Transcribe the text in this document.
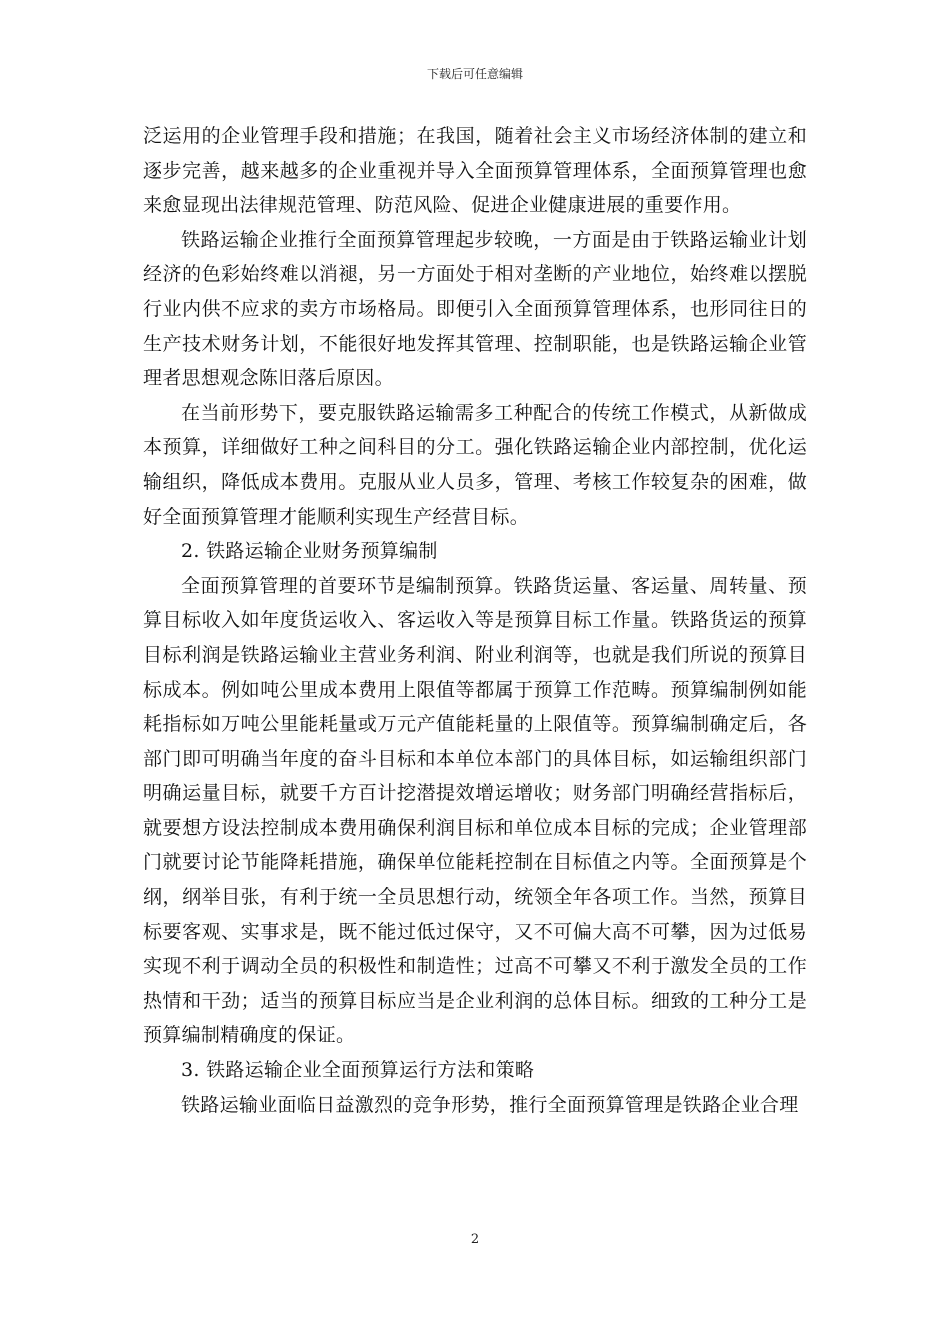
下载后可任意编辑

泛运用的企业管理手段和措施；在我国，随着社会主义市场经济体制的建立和逐步完善，越来越多的企业重视并导入全面预算管理体系，全面预算管理也愈来愈显现出法律规范管理、防范风险、促进企业健康进展的重要作用。

铁路运输企业推行全面预算管理起步较晚，一方面是由于铁路运输业计划经济的色彩始终难以消褪，另一方面处于相对垄断的产业地位，始终难以摆脱行业内供不应求的卖方市场格局。即便引入全面预算管理体系，也形同往日的生产技术财务计划，不能很好地发挥其管理、控制职能，也是铁路运输企业管理者思想观念陈旧落后原因。

在当前形势下，要克服铁路运输需多工种配合的传统工作模式，从新做成本预算，详细做好工种之间科目的分工。强化铁路运输企业内部控制，优化运输组织，降低成本费用。克服从业人员多，管理、考核工作较复杂的困难，做好全面预算管理才能顺利实现生产经营目标。

2. 铁路运输企业财务预算编制

全面预算管理的首要环节是编制预算。铁路货运量、客运量、周转量、预算目标收入如年度货运收入、客运收入等是预算目标工作量。铁路货运的预算目标利润是铁路运输业主营业务利润、附业利润等，也就是我们所说的预算目标成本。例如吨公里成本费用上限值等都属于预算工作范畴。预算编制例如能耗指标如万吨公里能耗量或万元产值能耗量的上限值等。预算编制确定后，各部门即可明确当年度的奋斗目标和本单位本部门的具体目标，如运输组织部门明确运量目标，就要千方百计挖潜提效增运增收；财务部门明确经营指标后，就要想方设法控制成本费用确保利润目标和单位成本目标的完成；企业管理部门就要讨论节能降耗措施，确保单位能耗控制在目标值之内等。全面预算是个纲，纲举目张，有利于统一全员思想行动，统领全年各项工作。当然，预算目标要客观、实事求是，既不能过低过保守，又不可偏大高不可攀，因为过低易实现不利于调动全员的积极性和制造性；过高不可攀又不利于激发全员的工作热情和干劲；适当的预算目标应当是企业利润的总体目标。细致的工种分工是预算编制精确度的保证。

3. 铁路运输企业全面预算运行方法和策略

铁路运输业面临日益激烈的竞争形势，推行全面预算管理是铁路企业合理

2
